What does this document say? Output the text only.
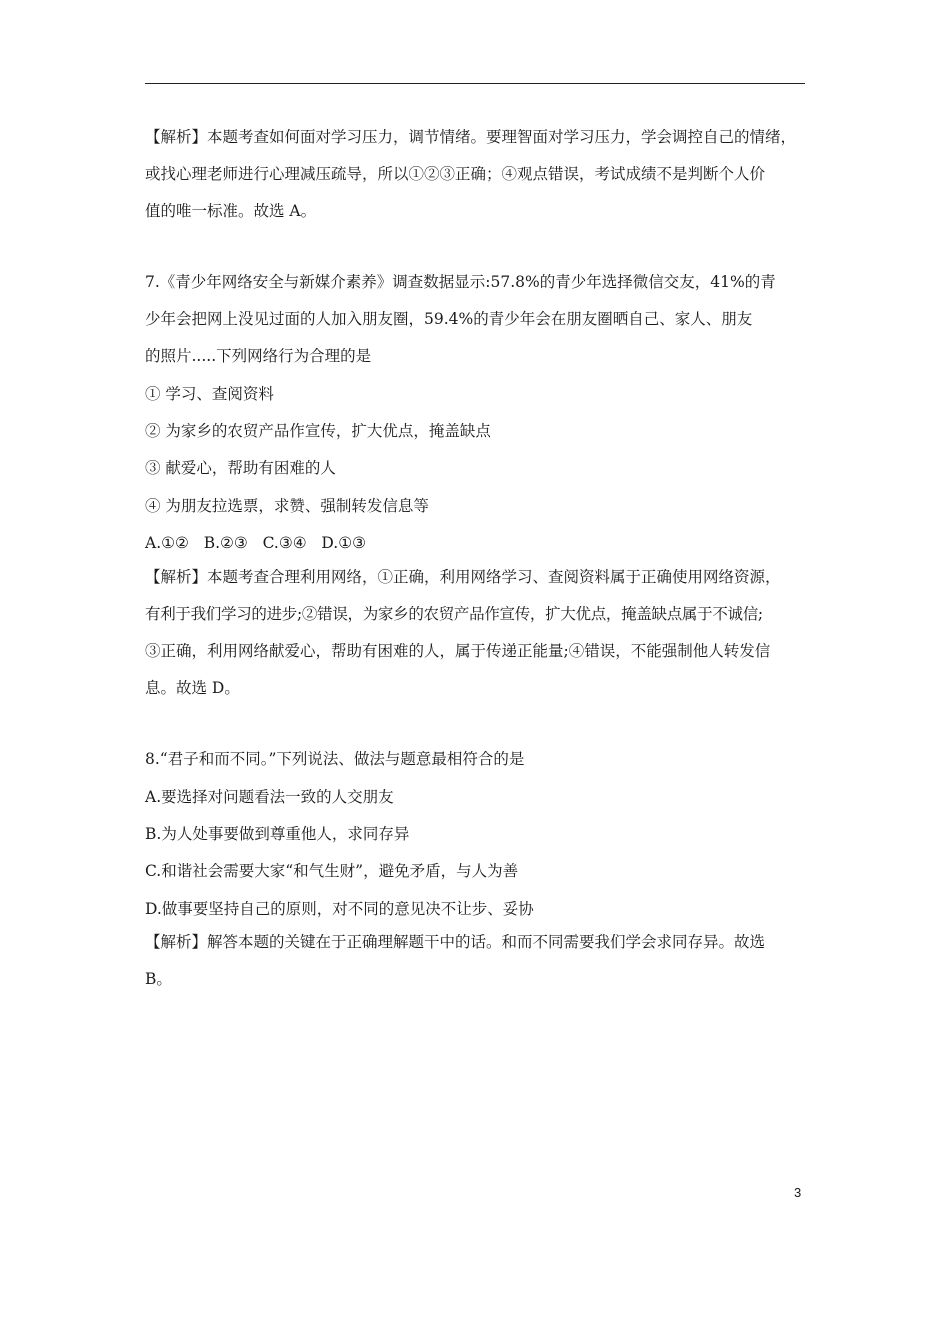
【解析】本题考查如何面对学习压力，调节情绪。要理智面对学习压力，学会调控自己的情绪，
或找心理老师进行心理减压疏导，所以①②③正确；④观点错误，考试成绩不是判断个人价
值的唯一标准。故选 A。
7.《青少年网络安全与新媒介素养》调查数据显示:57.8%的青少年选择微信交友，41%的青
少年会把网上没见过面的人加入朋友圈，59.4%的青少年会在朋友圈晒自己、家人、朋友
的照片.....下列网络行为合理的是
① 学习、查阅资料
② 为家乡的农贸产品作宣传，扩大优点，掩盖缺点
③ 献爱心，帮助有困难的人
④ 为朋友拉选票，求赞、强制转发信息等
A.①②   B.②③   C.③④   D.①③
【解析】本题考查合理利用网络，①正确，利用网络学习、查阅资料属于正确使用网络资源，
有利于我们学习的进步;②错误，为家乡的农贸产品作宣传，扩大优点，掩盖缺点属于不诚信;
③正确，利用网络献爱心，帮助有困难的人，属于传递正能量;④错误，不能强制他人转发信
息。故选 D。
8.“君子和而不同。”下列说法、做法与题意最相符合的是
A.要选择对问题看法一致的人交朋友
B.为人处事要做到尊重他人，求同存异
C.和谐社会需要大家“和气生财”，避免矛盾，与人为善
D.做事要坚持自己的原则，对不同的意见决不让步、妥协
【解析】解答本题的关键在于正确理解题干中的话。和而不同需要我们学会求同存异。故选
B。
3
